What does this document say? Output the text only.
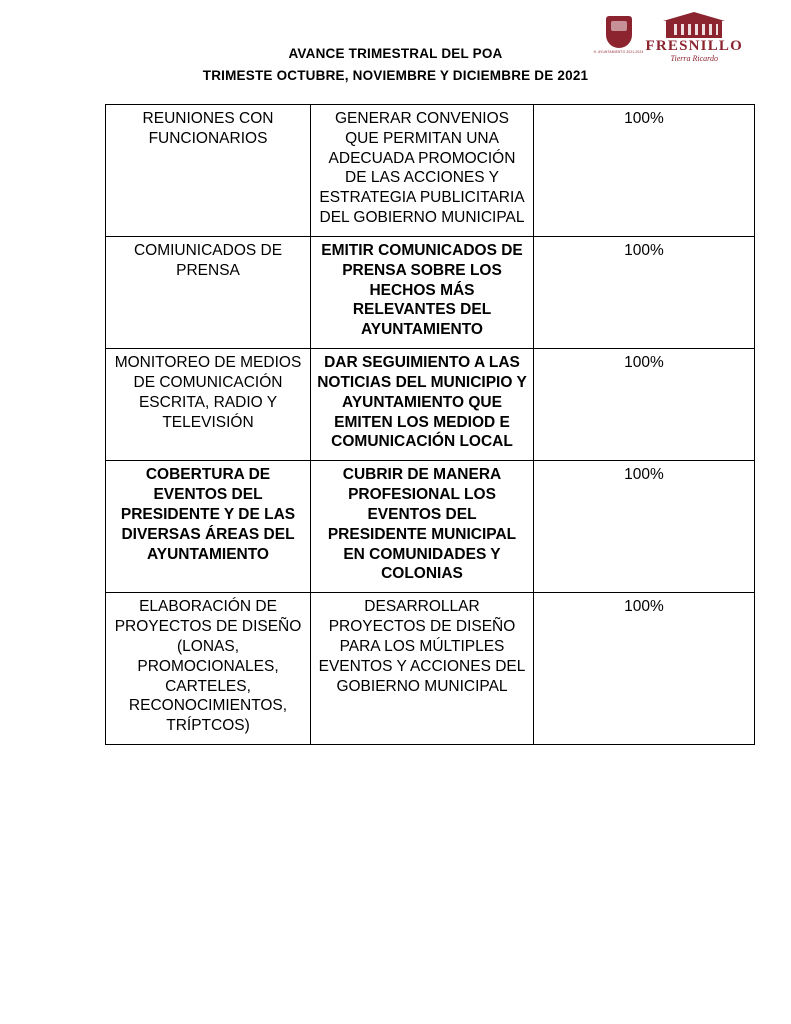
H. AYUNTAMIENTO 2021-2024 FRESNILLO
Tierra Ricardo
AVANCE TRIMESTRAL DEL POA
TRIMESTE OCTUBRE, NOVIEMBRE Y DICIEMBRE DE 2021
REUNIONES CON FUNCIONARIOS	GENERAR CONVENIOS QUE PERMITAN UNA ADECUADA PROMOCIÓN DE LAS ACCIONES Y ESTRATEGIA PUBLICITARIA DEL GOBIERNO MUNICIPAL	100%
COMIUNICADOS DE PRENSA	EMITIR COMUNICADOS DE PRENSA SOBRE LOS HECHOS MÁS RELEVANTES DEL AYUNTAMIENTO	100%
MONITOREO DE MEDIOS DE COMUNICACIÓN ESCRITA, RADIO Y TELEVISIÓN	DAR SEGUIMIENTO A LAS NOTICIAS DEL MUNICIPIO Y AYUNTAMIENTO QUE EMITEN LOS MEDIOD E COMUNICACIÓN LOCAL	100%
COBERTURA DE EVENTOS DEL PRESIDENTE Y DE LAS DIVERSAS ÁREAS DEL AYUNTAMIENTO	CUBRIR DE MANERA PROFESIONAL LOS EVENTOS DEL PRESIDENTE MUNICIPAL EN COMUNIDADES Y COLONIAS	100%
ELABORACIÓN DE PROYECTOS DE DISEÑO (LONAS, PROMOCIONALES, CARTELES, RECONOCIMIENTOS, TRÍPTCOS)	DESARROLLAR PROYECTOS DE DISEÑO PARA LOS MÚLTIPLES EVENTOS Y ACCIONES DEL GOBIERNO MUNICIPAL	100%
